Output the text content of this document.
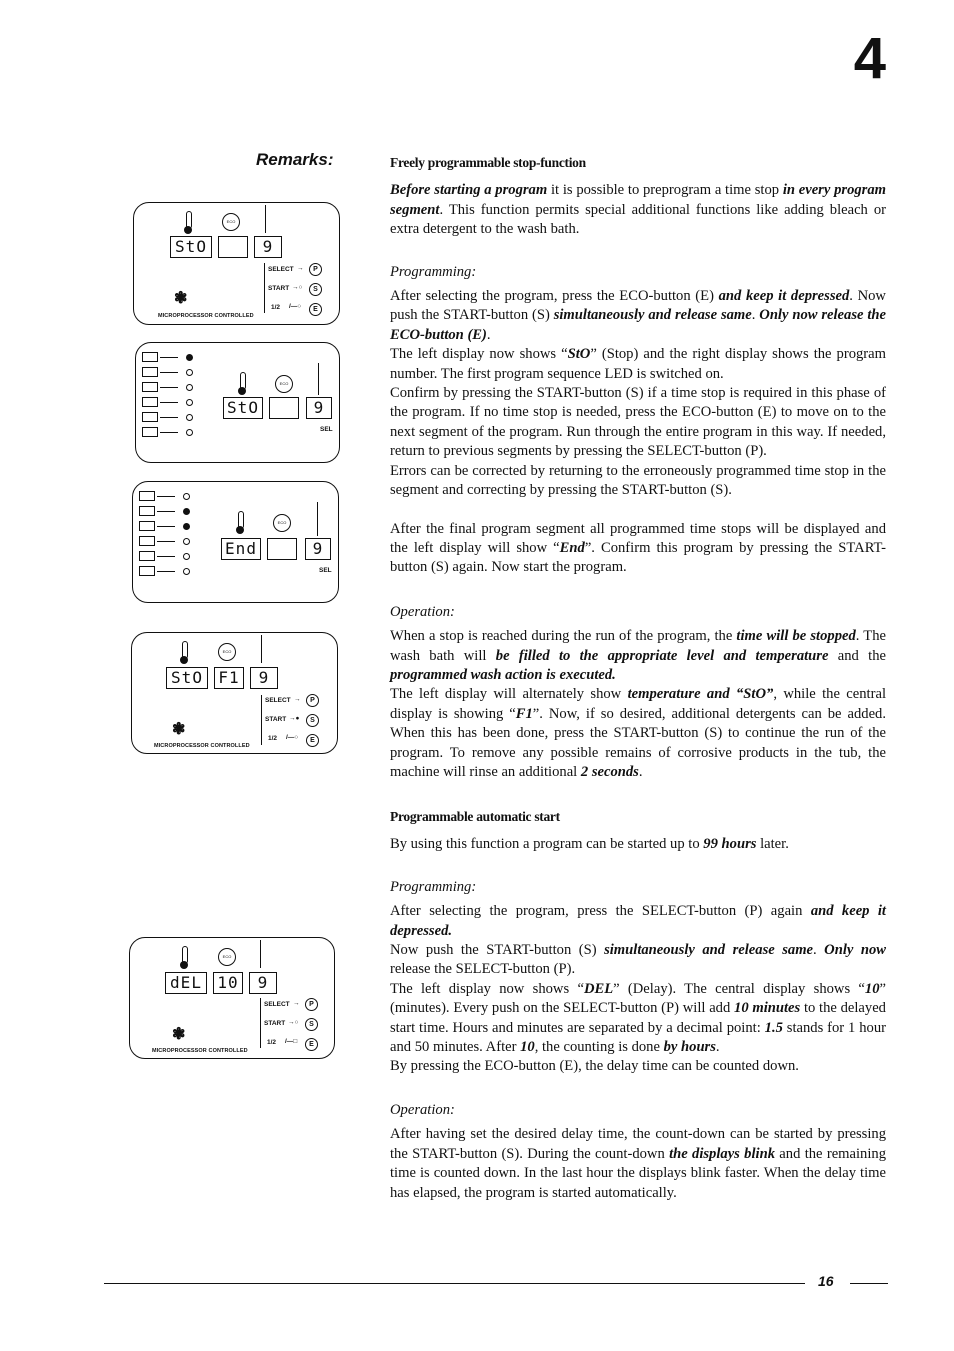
4
Remarks:
ECO
StO	9
SELECT →	P
START →○	S
1/2 /—○	E
❃
MICROPROCESSOR CONTROLLED
ECO
StO	9
SEL
ECO
End	9
SEL
ECO
StO F1	9
SELECT →	P
START →●	S
1/2 /—○	E
❃
MICROPROCESSOR CONTROLLED
ECO
dEL 10	9
SELECT →	P
START →○	S
1/2 /—□	E
❃
MICROPROCESSOR CONTROLLED

Freely programmable stop-function

Before starting a program it is possible to preprogram a time stop in every program segment. This function permits special additional functions like adding bleach or extra detergent to the wash bath.

Programming:

After selecting the program, press the ECO-button (E) and keep it depressed. Now push the START-button (S) simultaneously and release same. Only now release the ECO-button (E).

The left display now shows “StO” (Stop) and the right display shows the program number. The first program sequence LED is switched on.

Confirm by pressing the START-button (S) if a time stop is required in this phase of the program. If no time stop is needed, press the ECO-button (E) to move on to the next segment of the program. Run through the entire program in this way. If needed, return to previous segments by pressing the SELECT-button (P).

Errors can be corrected by returning to the erroneously programmed time stop in the segment and correcting by pressing the START-button (S).

After the final program segment all programmed time stops will be displayed and the left display will show “End”. Confirm this program by pressing the START-button (S) again. Now start the program.

Operation:

When a stop is reached during the run of the program, the time will be stopped. The wash bath will be filled to the appropriate level and temperature and the programmed wash action is executed.

The left display will alternately show temperature and “StO”, while the central display is showing “F1”. Now, if so desired, additional detergents can be added. When this has been done, press the START-button (S) to continue the run of the program. To remove any possible remains of corrosive products in the tub, the machine will rinse an additional 2 seconds.

Programmable automatic start

By using this function a program can be started up to 99 hours later.

Programming:

After selecting the program, press the SELECT-button (P) again and keep it depressed.

Now push the START-button (S) simultaneously and release same. Only now release the SELECT-button (P).

The left display now shows “DEL” (Delay). The central display shows “10” (minutes). Every push on the SELECT-button (P) will add 10 minutes to the delayed start time. Hours and minutes are separated by a decimal point: 1.5 stands for 1 hour and 50 minutes. After 10, the counting is done by hours.

By pressing the ECO-button (E), the delay time can be counted down.

Operation:

After having set the desired delay time, the count-down can be started by pressing the START-button (S). During the count-down the displays blink and the remaining time is counted down. In the last hour the displays blink faster. When the delay time has elapsed, the program is started automatically.

16
